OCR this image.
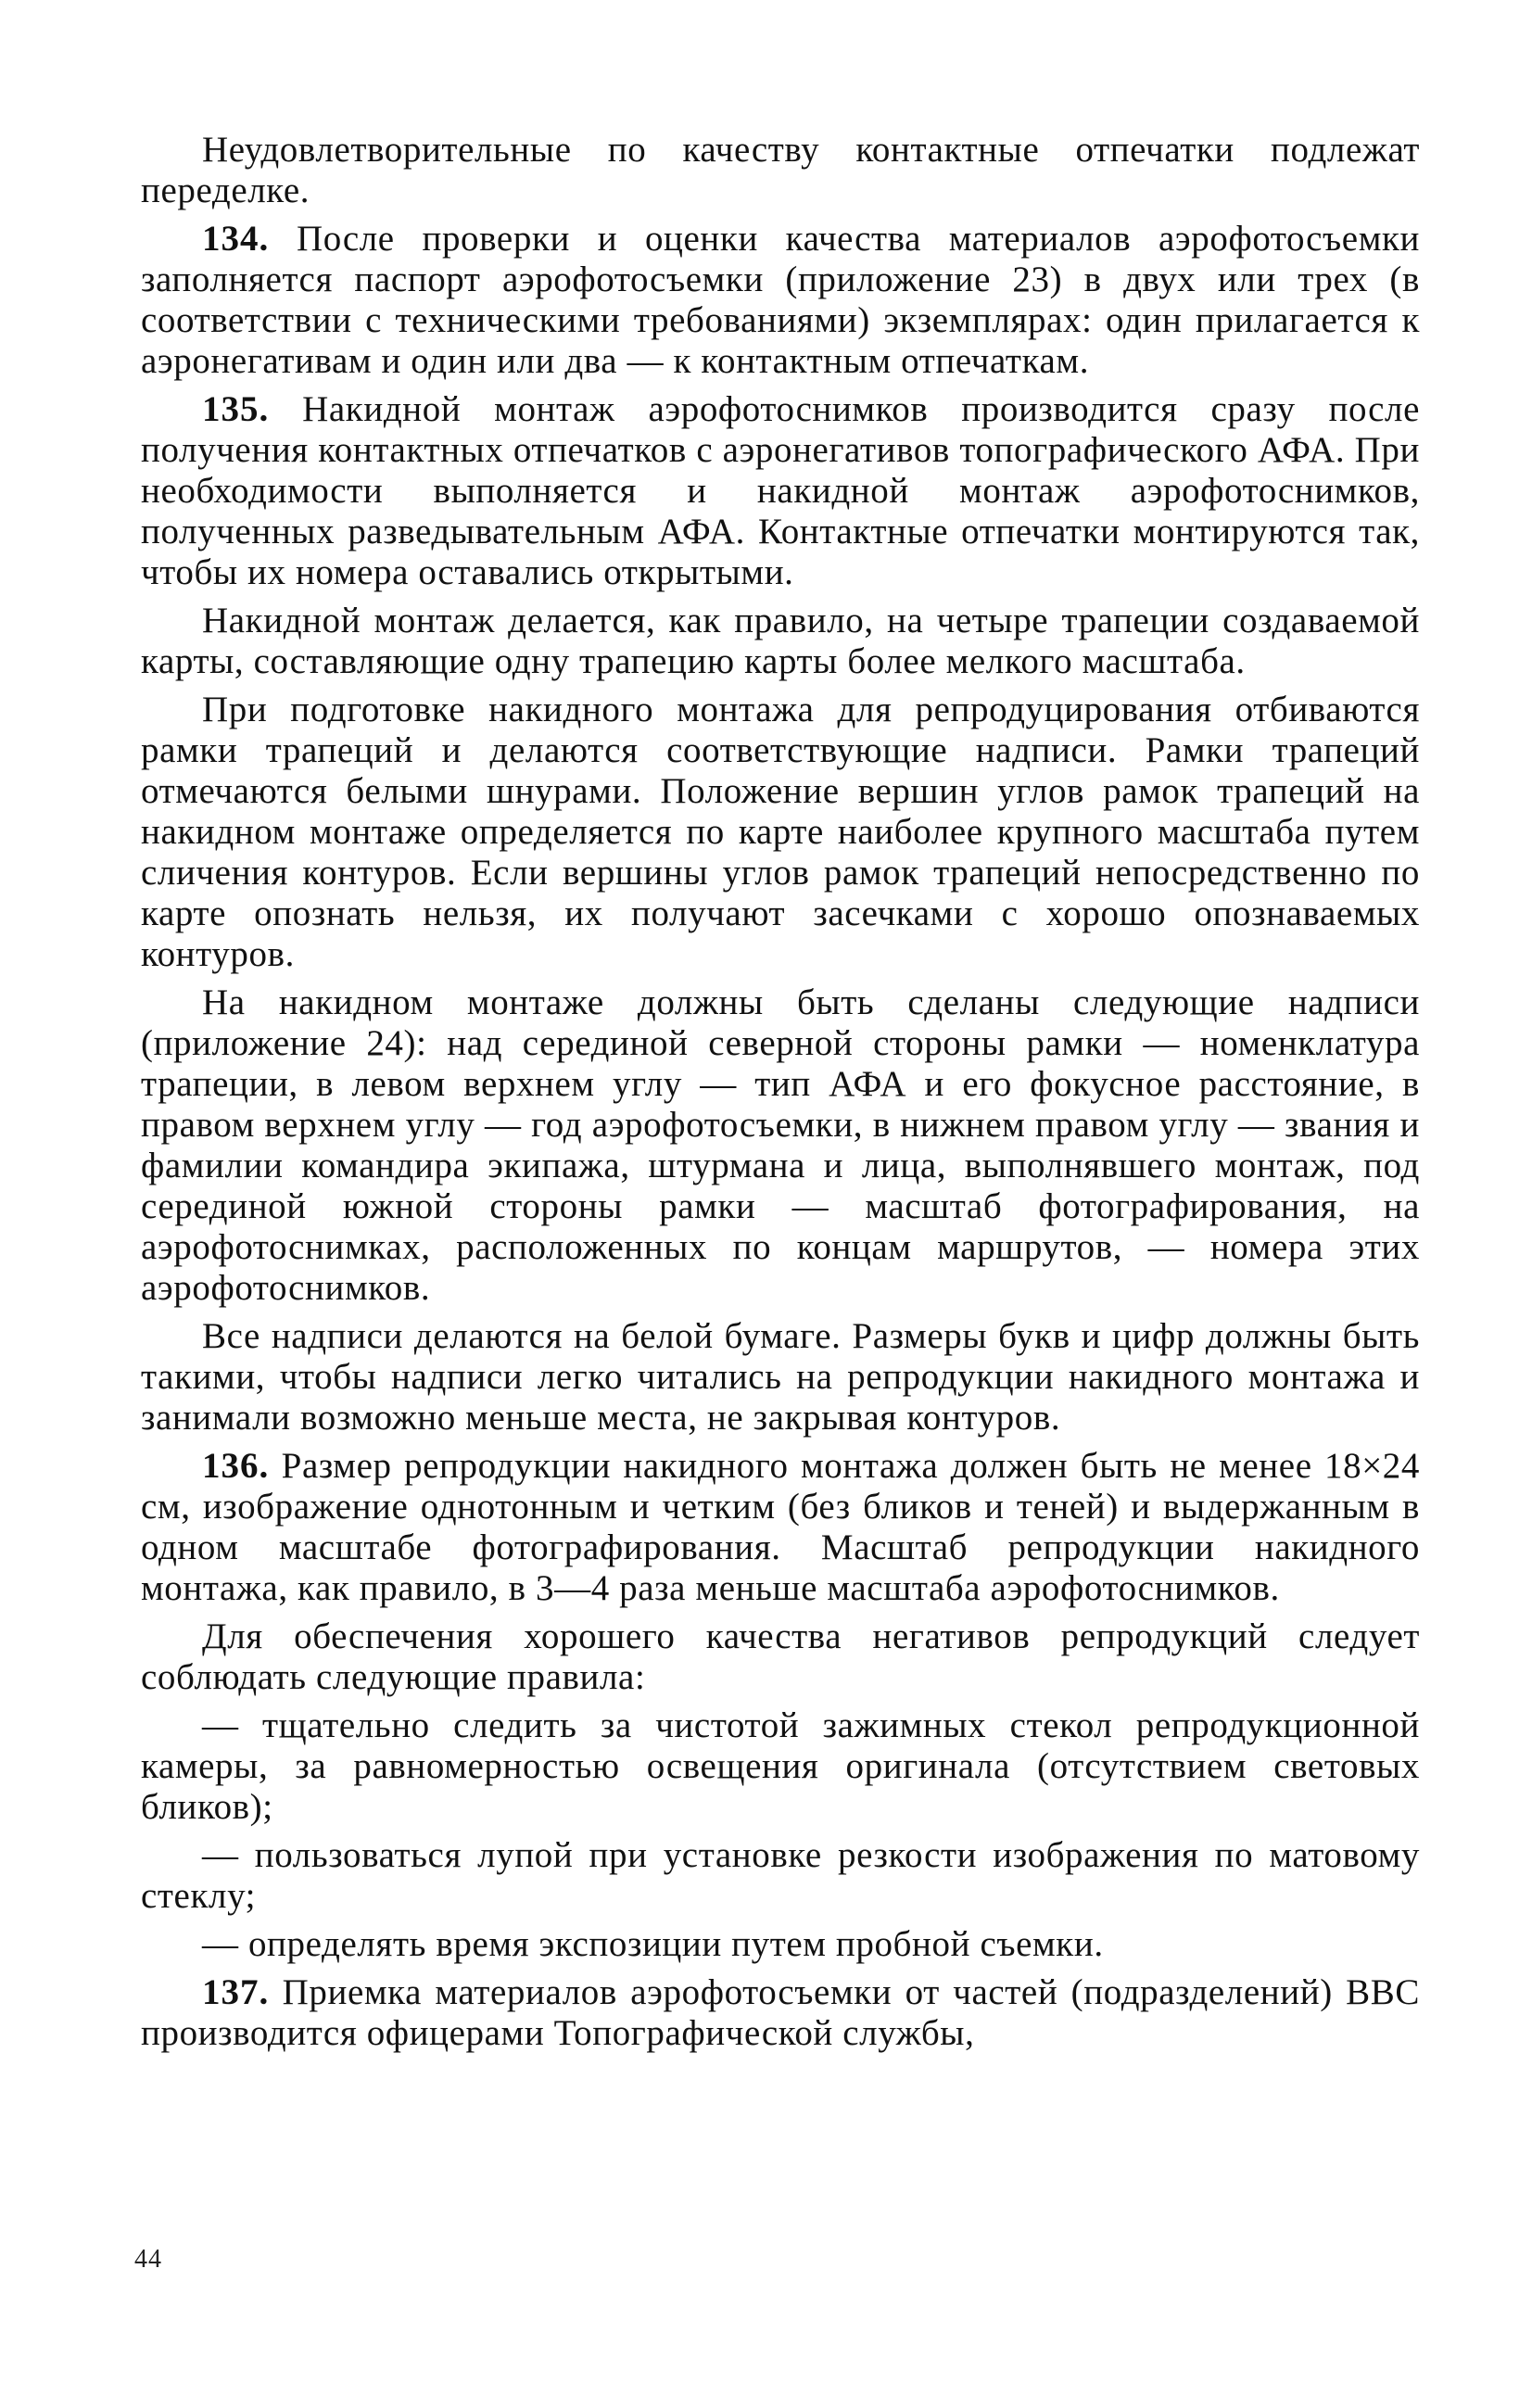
Неудовлетворительные по качеству контактные отпечатки подлежат переделке.

134. После проверки и оценки качества материалов аэрофотосъемки заполняется паспорт аэрофотосъемки (приложение 23) в двух или трех (в соответствии с техническими требованиями) экземплярах: один прилагается к аэронегативам и один или два — к контактным отпечаткам.

135. Накидной монтаж аэрофотоснимков производится сразу после получения контактных отпечатков с аэронегативов топографического АФА. При необходимости выполняется и накидной монтаж аэрофотоснимков, полученных разведывательным АФА. Контактные отпечатки монтируются так, чтобы их номера оставались открытыми.

Накидной монтаж делается, как правило, на четыре трапеции создаваемой карты, составляющие одну трапецию карты более мелкого масштаба.

При подготовке накидного монтажа для репродуцирования отбиваются рамки трапеций и делаются соответствующие надписи. Рамки трапеций отмечаются белыми шнурами. Положение вершин углов рамок трапеций на накидном монтаже определяется по карте наиболее крупного масштаба путем сличения контуров. Если вершины углов рамок трапеций непосредственно по карте опознать нельзя, их получают засечками с хорошо опознаваемых контуров.

На накидном монтаже должны быть сделаны следующие надписи (приложение 24): над серединой северной стороны рамки — номенклатура трапеции, в левом верхнем углу — тип АФА и его фокусное расстояние, в правом верхнем углу — год аэрофотосъемки, в нижнем правом углу — звания и фамилии командира экипажа, штурмана и лица, выполнявшего монтаж, под серединой южной стороны рамки — масштаб фотографирования, на аэрофотоснимках, расположенных по концам маршрутов, — номера этих аэрофотоснимков.

Все надписи делаются на белой бумаге. Размеры букв и цифр должны быть такими, чтобы надписи легко читались на репродукции накидного монтажа и занимали возможно меньше места, не закрывая контуров.

136. Размер репродукции накидного монтажа должен быть не менее 18×24 см, изображение однотонным и четким (без бликов и теней) и выдержанным в одном масштабе фотографирования. Масштаб репродукции накидного монтажа, как правило, в 3—4 раза меньше масштаба аэрофотоснимков.

Для обеспечения хорошего качества негативов репродукций следует соблюдать следующие правила:

— тщательно следить за чистотой зажимных стекол репродукционной камеры, за равномерностью освещения оригинала (отсутствием световых бликов);

— пользоваться лупой при установке резкости изображения по матовому стеклу;

— определять время экспозиции путем пробной съемки.

137. Приемка материалов аэрофотосъемки от частей (подразделений) ВВС производится офицерами Топографической службы,

44
